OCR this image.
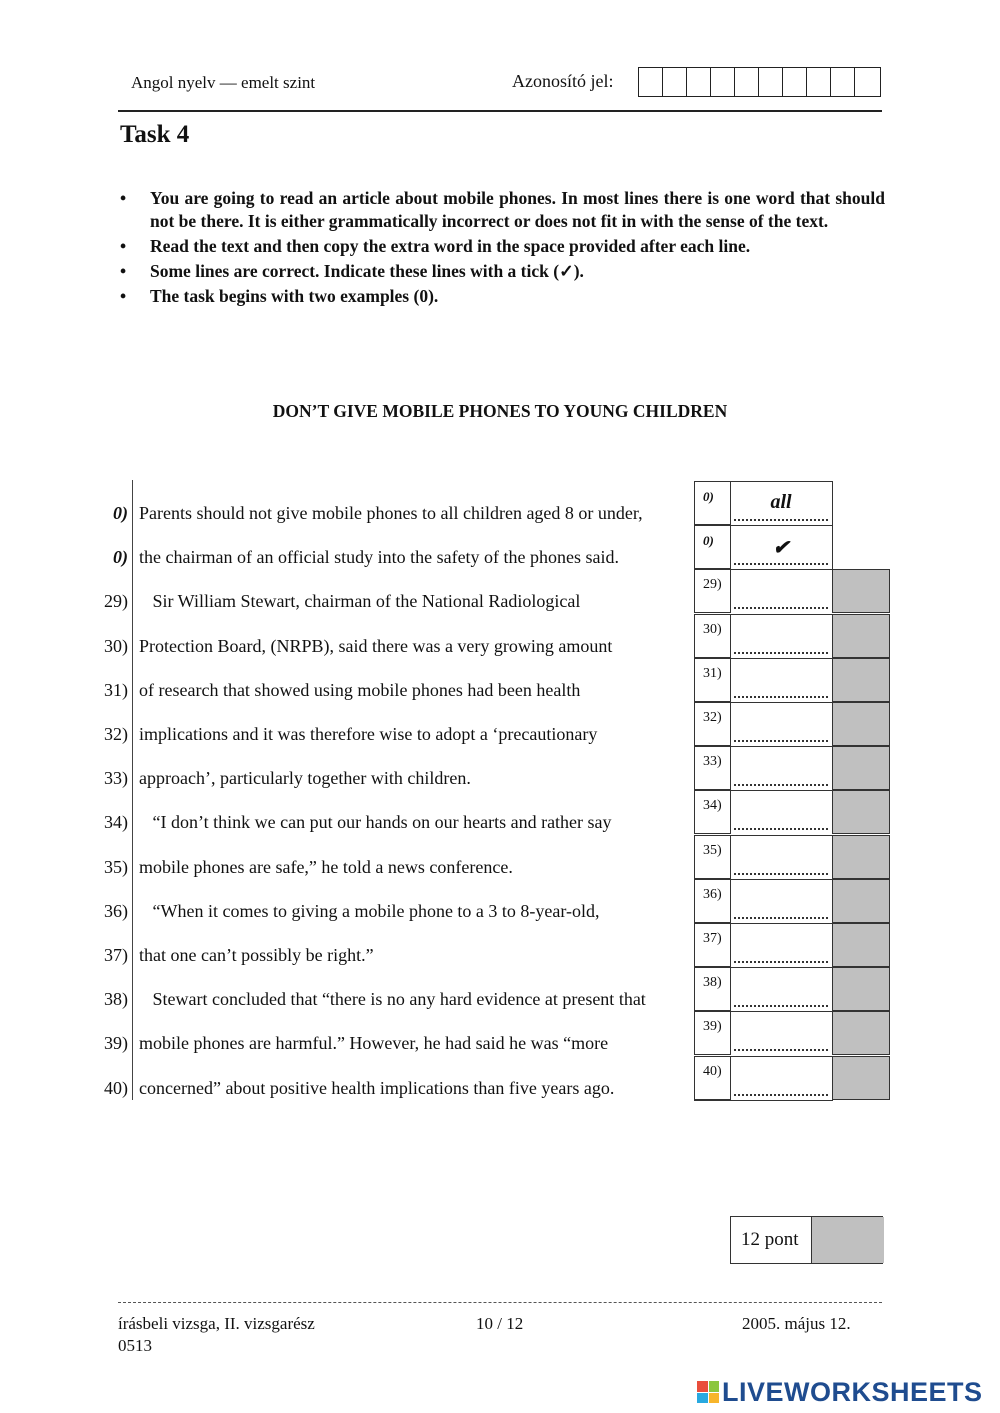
Angol nyelv — emelt szint	Azonosító jel:
Task 4
• You are going to read an article about mobile phones. In most lines there is one word that should not be there. It is either grammatically incorrect or does not fit in with the sense of the text.
• Read the text and then copy the extra word in the space provided after each line.
• Some lines are correct. Indicate these lines with a tick (✓).
• The task begins with two examples (0).
DON’T GIVE MOBILE PHONES TO YOUNG CHILDREN
0) Parents should not give mobile phones to all children aged 8 or under,
0) the chairman of an official study into the safety of the phones said.
29) Sir William Stewart, chairman of the National Radiological
30) Protection Board, (NRPB), said there was a very growing amount
31) of research that showed using mobile phones had been health
32) implications and it was therefore wise to adopt a ‘precautionary
33) approach’, particularly together with children.
34) “I don’t think we can put our hands on our hearts and rather say
35) mobile phones are safe,” he told a news conference.
36) “When it comes to giving a mobile phone to a 3 to 8-year-old,
37) that one can’t possibly be right.”
38) Stewart concluded that “there is no any hard evidence at present that
39) mobile phones are harmful.” However, he had said he was “more
40) concerned” about positive health implications than five years ago.
0)	all
0)	✔
29)
30)
31)
32)
33)
34)
35)
36)
37)
38)
39)
40)
12 pont
írásbeli vizsga, II. vizsgarész
0513
10 / 12	2005. május 12.
LIVEWORKSHEETS
